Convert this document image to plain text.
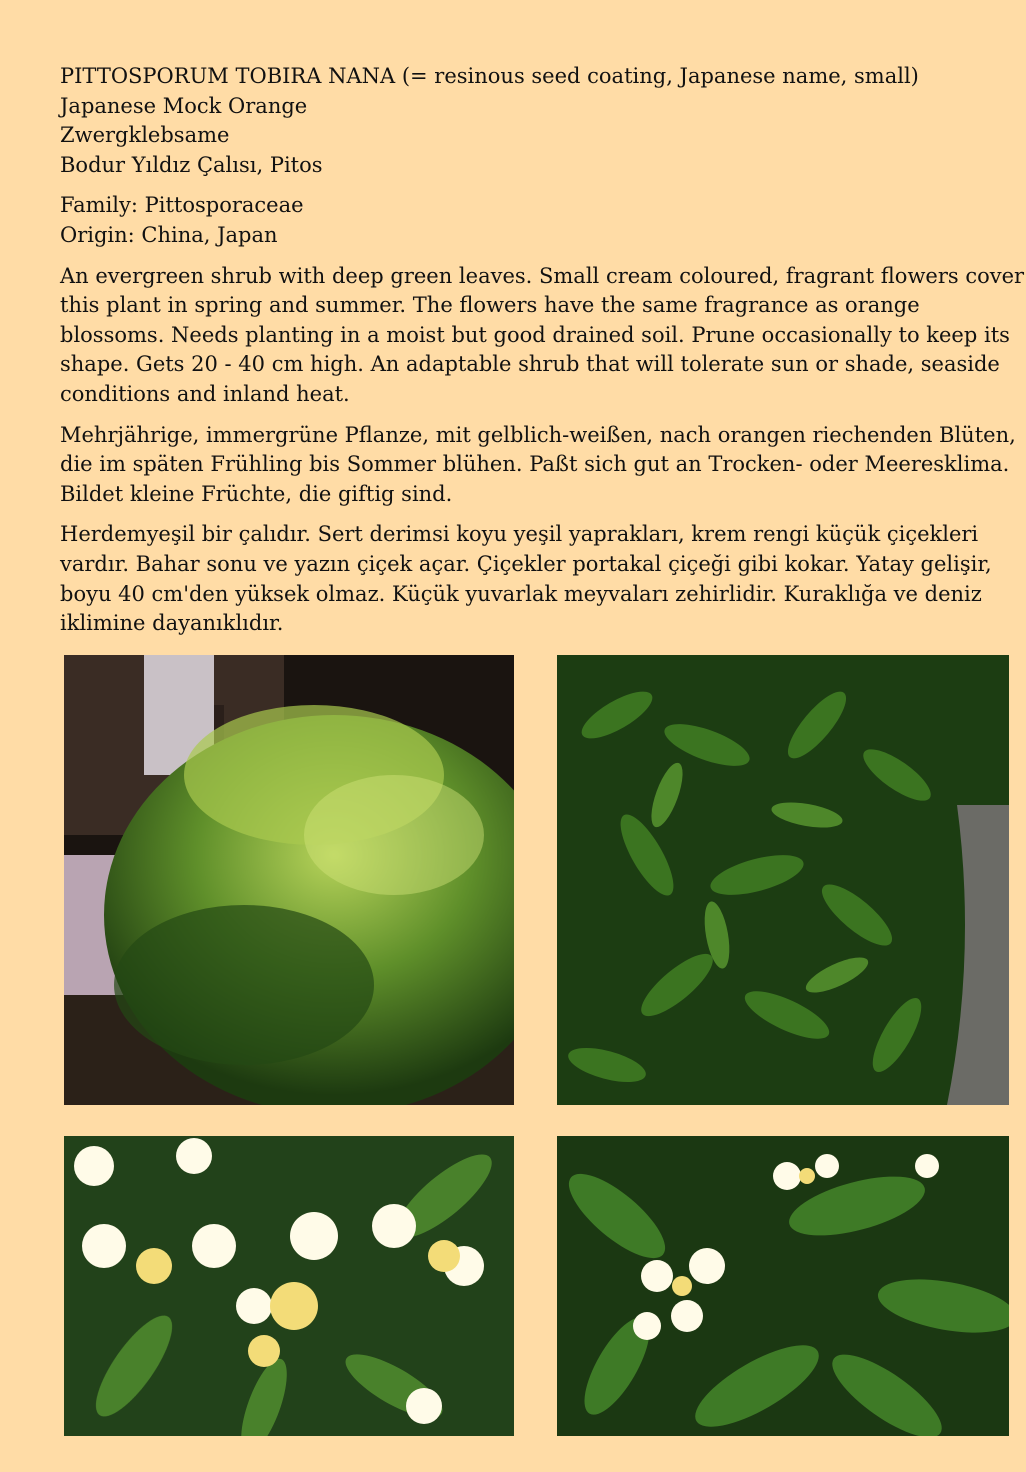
PITTOSPORUM TOBIRA NANA (= resinous seed coating, Japanese name, small)
Japanese Mock Orange
Zwergklebsame
Bodur Yıldız Çalısı, Pitos
Family: Pittosporaceae
Origin: China, Japan
An evergreen shrub with deep green leaves. Small cream coloured, fragrant flowers cover
this plant in spring and summer. The flowers have the same fragrance as orange
blossoms. Needs planting in a moist but good drained soil. Prune occasionally to keep its
shape. Gets 20 - 40 cm high. An adaptable shrub that will tolerate sun or shade, seaside
conditions and inland heat.
Mehrjährige, immergrüne Pflanze, mit gelblich-weißen, nach orangen riechenden Blüten,
die im späten Frühling bis Sommer blühen. Paßt sich gut an Trocken- oder Meeresklima.
Bildet kleine Früchte, die giftig sind.
Herdemyeşil bir çalıdır. Sert derimsi koyu yeşil yaprakları, krem rengi küçük çiçekleri
vardır. Bahar sonu ve yazın çiçek açar. Çiçekler portakal çiçeği gibi kokar. Yatay gelişir,
boyu 40 cm'den yüksek olmaz. Küçük yuvarlak meyvaları zehirlidir. Kuraklığa ve deniz
iklimine dayanıklıdır.
